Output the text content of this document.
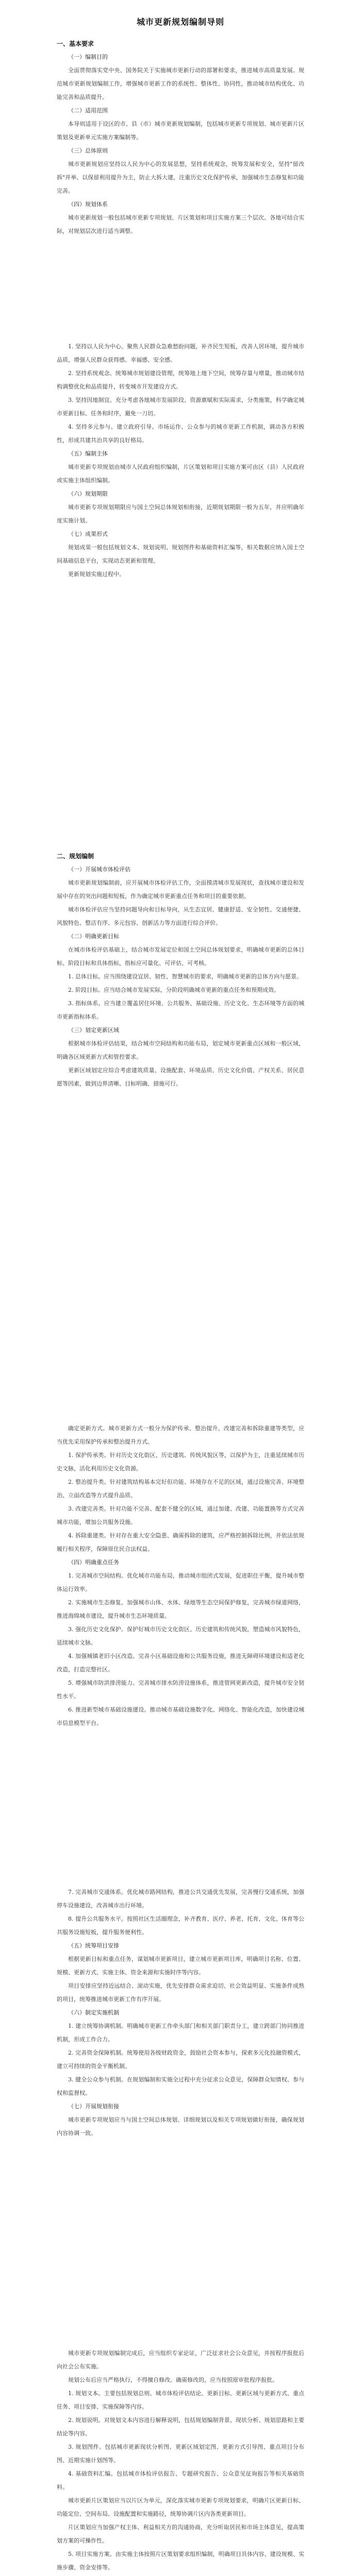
城市更新规划编制导则

一、基本要求

（一）编制目的

全面贯彻落实党中央、国务院关于实施城市更新行动的部署和要求，推进城市高质量发展。规范城市更新规划编制工作，增强城市更新工作的系统性、整体性、协同性，推动城市结构优化、功能完善和品质提升。

（二）适用范围

本导则适用于设区的市、县（市）城市更新规划编制，包括城市更新专项规划、城市更新片区策划及更新单元实施方案编制等。

（三）总体原则

城市更新规划应坚持以人民为中心的发展思想，坚持系统观念，统筹发展和安全，坚持"留改拆"并举、以保留利用提升为主，防止大拆大建，注重历史文化保护传承，加强城市生态修复和功能完善。

（四）规划体系

城市更新规划一般包括城市更新专项规划、片区策划和项目实施方案三个层次。各地可结合实际，对规划层次进行适当调整。

1. 坚持以人民为中心。聚焦人民群众急难愁盼问题，补齐民生短板，改善人居环境，提升城市品质，增强人民群众获得感、幸福感、安全感。

2. 坚持系统观念。统筹城市规划建设管理，统筹地上地下空间，统筹存量与增量，推动城市结构调整优化和品质提升，转变城市开发建设方式。

3. 坚持因地制宜。充分考虑各地城市发展阶段、资源禀赋和实际需求，分类施策，科学确定城市更新目标、任务和时序，避免一刀切。

4. 坚持多元参与。建立政府引导、市场运作、公众参与的城市更新工作机制，调动各方积极性，形成共建共治共享的良好格局。

（五）编制主体

城市更新专项规划由城市人民政府组织编制，片区策划和项目实施方案可由区（县）人民政府或实施主体组织编制。

（六）规划期限

城市更新专项规划期限应与国土空间总体规划相衔接，近期规划期限一般为五年，并应明确年度实施计划。

（七）成果形式

规划成果一般包括规划文本、规划说明、规划图件和基础资料汇编等，相关数据应纳入国土空间基础信息平台，实现动态更新和管理。

更新规划实施过程中。

二、规划编制

（一）开展城市体检评估

城市更新规划编制前，应开展城市体检评估工作，全面摸清城市发展现状，查找城市建设和发展中存在的突出问题和短板，作为确定城市更新重点任务和项目的重要依据。

城市体检评估应当坚持问题导向和目标导向，从生态宜居、健康舒适、安全韧性、交通便捷、风貌特色、整洁有序、多元包容、创新活力等方面进行综合评价。

（二）明确更新目标

在城市体检评估基础上，结合城市发展定位和国土空间总体规划要求，明确城市更新的总体目标、阶段目标和具体指标，指标应可量化、可评估、可考核。

1. 总体目标。应当围绕建设宜居、韧性、智慧城市的要求，明确城市更新的总体方向与愿景。

2. 阶段目标。应当结合城市发展实际，分阶段明确城市更新的重点任务和预期成效。

3. 指标体系。应当建立覆盖居住环境、公共服务、基础设施、历史文化、生态环境等方面的城市更新指标体系。

（三）划定更新区域

根据城市体检评估结果，结合城市空间结构和功能布局，划定城市更新重点区域和一般区域，明确各区域更新方式和管控要求。

更新区域划定应综合考虑建筑质量、设施配套、环境品质、历史文化价值、产权关系、居民意愿等因素，做到边界清晰、目标明确、措施可行。

确定更新方式。城市更新方式一般分为保护传承、整治提升、改建完善和拆除重建等类型，应当优先采用保护传承和整治提升方式。

1. 保护传承类。针对历史文化街区、历史建筑、传统风貌区等，以保护为主，注重延续城市历史文脉，活化利用历史文化资源。

2. 整治提升类。针对建筑结构基本完好但功能、环境存在不足的区域，通过设施完善、环境整治、立面改造等方式提升品质。

3. 改建完善类。针对功能不完善、配套不健全的区域，通过加建、改建、功能置换等方式完善城市功能，增加公共服务设施。

4. 拆除重建类。针对存在重大安全隐患、确需拆除的建筑，应严格控制拆除比例，并依法依规履行相关程序，保障原住民合法权益。

（四）明确重点任务

1. 完善城市空间结构。优化城市功能布局，推动城市组团式发展，促进职住平衡，提升城市整体运行效率。

2. 实施城市生态修复。加强城市山体、水体、绿地等生态空间保护修复，完善城市绿道网络，推进海绵城市建设，提升城市生态环境质量。

3. 强化历史文化保护。保护好城市历史文化街区、历史建筑和传统风貌，塑造城市风貌特色，延续城市文脉。

4. 加强城镇老旧小区改造。完善小区基础设施和公共服务设施，推进无障碍环境建设和适老化改造，打造完整社区。

5. 增强城市防洪排涝能力。完善城市排水防涝设施体系，推进管网更新改造，提升城市安全韧性水平。

6. 推进新型城市基础设施建设。推动城市基础设施数字化、网络化、智能化改造，加快建设城市信息模型平台。

7. 完善城市交通体系。优化城市路网结构，推进公共交通优先发展，完善慢行交通系统，加强停车设施建设，改善城市出行环境。

8. 提升公共服务水平。按照社区生活圈理念，补齐教育、医疗、养老、托育、文化、体育等公共服务设施短板，提升服务便利性。

（五）统筹项目安排

根据更新目标和重点任务，谋划城市更新项目，建立城市更新项目库，明确项目名称、位置、规模、更新方式、实施主体、资金来源和实施时序等内容。

项目安排应坚持近远结合、滚动实施，优先安排群众需求迫切、社会效益明显、实施条件成熟的项目，统筹推进城市更新工作有序开展。

（六）制定实施机制

1. 建立统筹协调机制。明确城市更新工作牵头部门和相关部门职责分工，建立跨部门协同推进机制，形成工作合力。

2. 完善资金保障机制。统筹使用各级财政资金，鼓励社会资本参与，探索多元化投融资模式，建立可持续的资金平衡机制。

3. 健全公众参与机制。在规划编制和实施全过程中充分征求公众意见，保障群众知情权、参与权和监督权。

（七）开展规划衔接

城市更新专项规划应当与国土空间总体规划、详细规划以及相关专项规划做好衔接，确保规划内容协调一致。

城市更新专项规划编制完成后，应当组织专家论证，广泛征求社会公众意见，并按程序报批后向社会公布实施。

规划公布后应当严格执行，不得擅自修改。确需修改的，应当按照原审批程序报批。

1. 规划文本。主要包括规划总则、城市体检评估结论、更新目标、更新区域与更新方式、重点任务、项目安排、实施保障等内容。

2. 规划说明。对规划文本内容进行解释说明，包括规划编制背景、现状分析、规划思路和主要结论等内容。

3. 规划图件。包括城市更新现状分析图、更新区域划定图、更新方式引导图、重点项目分布图、近期实施计划图等。

4. 基础资料汇编。包括城市体检评估报告、专题研究报告、公众意见征询报告等相关基础资料。

城市更新片区策划应当以片区为单元，深化落实城市更新专项规划要求，明确片区更新目标、功能定位、空间布局、设施配置和实施路径，统筹协调片区内各类更新项目。

片区策划应当加强产权主体、利益相关方的沟通协商，充分听取居民和市场主体意见，提高策划方案的可操作性。

5. 项目实施方案。由实施主体按照片区策划要求组织编制，明确项目具体内容、建设规模、实施步骤、资金安排等。
